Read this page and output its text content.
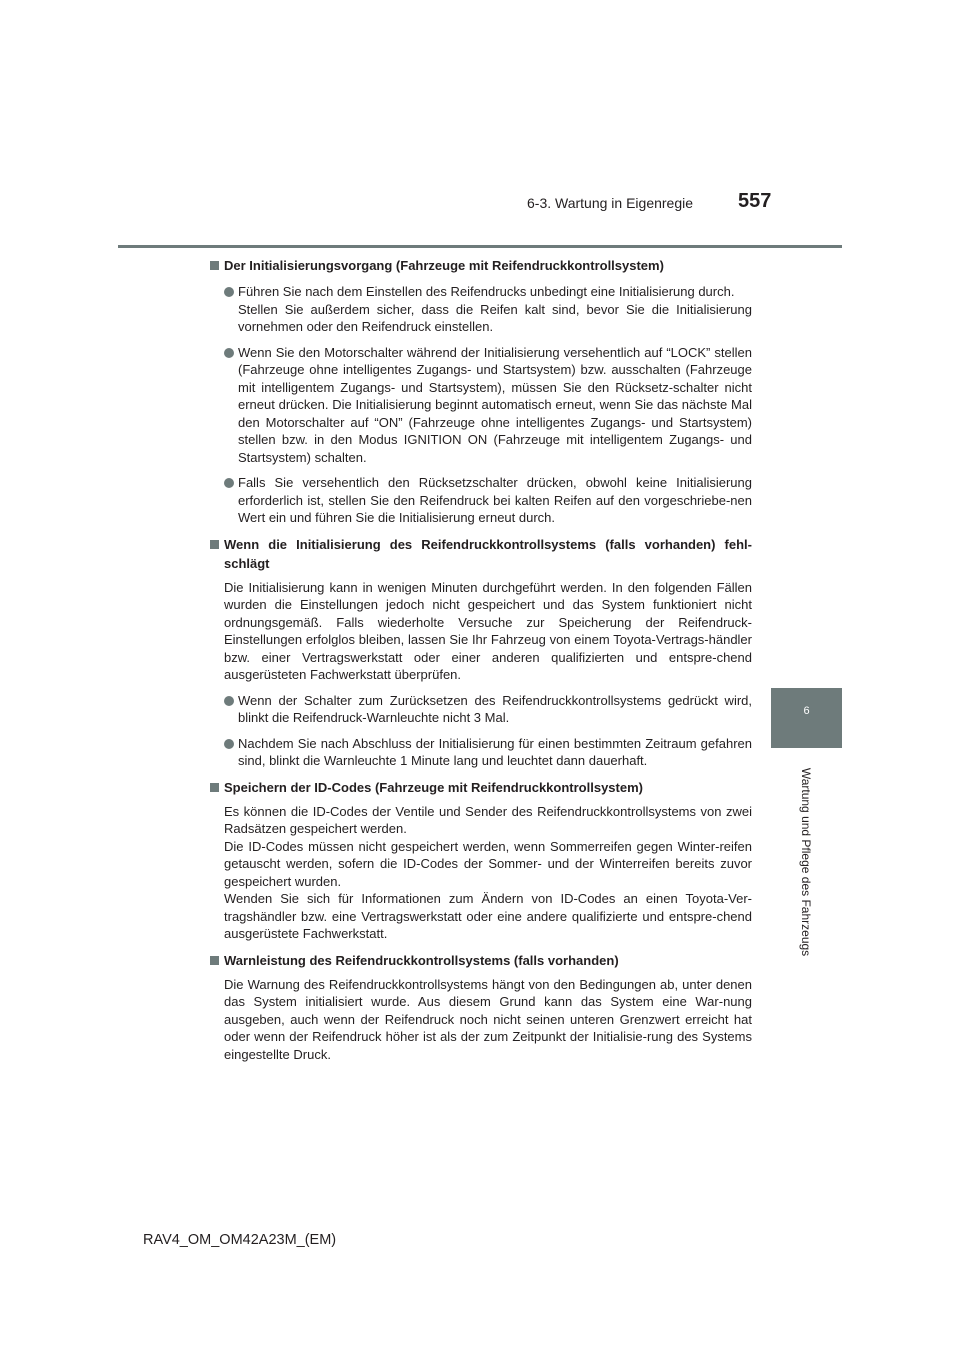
6-3. Wartung in Eigenregie 557
6
Wartung und Pflege des Fahrzeugs
Der Initialisierungsvorgang (Fahrzeuge mit Reifendruckkontrollsystem)
Führen Sie nach dem Einstellen des Reifendrucks unbedingt eine Initialisierung durch.
Stellen Sie außerdem sicher, dass die Reifen kalt sind, bevor Sie die Initialisierung vornehmen oder den Reifendruck einstellen.
Wenn Sie den Motorschalter während der Initialisierung versehentlich auf “LOCK” stellen (Fahrzeuge ohne intelligentes Zugangs- und Startsystem) bzw. ausschalten (Fahrzeuge mit intelligentem Zugangs- und Startsystem), müssen Sie den Rücksetz-schalter nicht erneut drücken. Die Initialisierung beginnt automatisch erneut, wenn Sie das nächste Mal den Motorschalter auf “ON” (Fahrzeuge ohne intelligentes Zugangs- und Startsystem) stellen bzw. in den Modus IGNITION ON (Fahrzeuge mit intelligentem Zugangs- und Startsystem) schalten.
Falls Sie versehentlich den Rücksetzschalter drücken, obwohl keine Initialisierung erforderlich ist, stellen Sie den Reifendruck bei kalten Reifen auf den vorgeschriebe-nen Wert ein und führen Sie die Initialisierung erneut durch.
Wenn die Initialisierung des Reifendruckkontrollsystems (falls vorhanden) fehl-schlägt
Die Initialisierung kann in wenigen Minuten durchgeführt werden. In den folgenden Fällen wurden die Einstellungen jedoch nicht gespeichert und das System funktioniert nicht ordnungsgemäß. Falls wiederholte Versuche zur Speicherung der Reifendruck-Einstellungen erfolglos bleiben, lassen Sie Ihr Fahrzeug von einem Toyota-Vertrags-händler bzw. einer Vertragswerkstatt oder einer anderen qualifizierten und entspre-chend ausgerüsteten Fachwerkstatt überprüfen.
Wenn der Schalter zum Zurücksetzen des Reifendruckkontrollsystems gedrückt wird, blinkt die Reifendruck-Warnleuchte nicht 3 Mal.
Nachdem Sie nach Abschluss der Initialisierung für einen bestimmten Zeitraum gefahren sind, blinkt die Warnleuchte 1 Minute lang und leuchtet dann dauerhaft.
Speichern der ID-Codes (Fahrzeuge mit Reifendruckkontrollsystem)
Es können die ID-Codes der Ventile und Sender des Reifendruckkontrollsystems von zwei Radsätzen gespeichert werden.
Die ID-Codes müssen nicht gespeichert werden, wenn Sommerreifen gegen Winter-reifen getauscht werden, sofern die ID-Codes der Sommer- und der Winterreifen bereits zuvor gespeichert wurden.
Wenden Sie sich für Informationen zum Ändern von ID-Codes an einen Toyota-Ver-tragshändler bzw. eine Vertragswerkstatt oder eine andere qualifizierte und entspre-chend ausgerüstete Fachwerkstatt.
Warnleistung des Reifendruckkontrollsystems (falls vorhanden)
Die Warnung des Reifendruckkontrollsystems hängt von den Bedingungen ab, unter denen das System initialisiert wurde. Aus diesem Grund kann das System eine War-nung ausgeben, auch wenn der Reifendruck noch nicht seinen unteren Grenzwert erreicht hat oder wenn der Reifendruck höher ist als der zum Zeitpunkt der Initialisie-rung des Systems eingestellte Druck.
RAV4_OM_OM42A23M_(EM)
